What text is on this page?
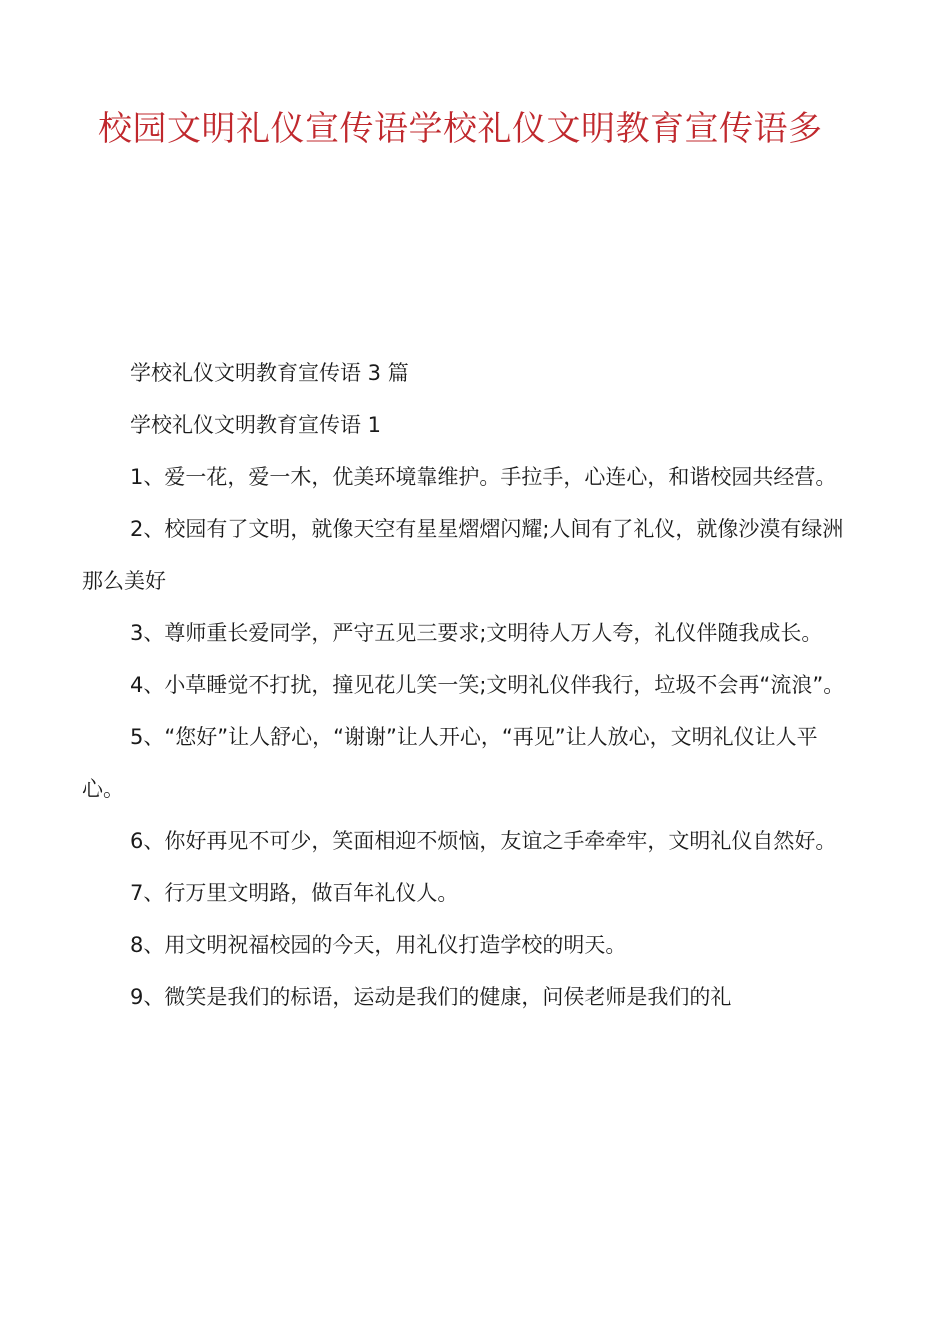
校园文明礼仪宣传语学校礼仪文明教育宣传语多

学校礼仪文明教育宣传语 3 篇

学校礼仪文明教育宣传语 1

1、爱一花，爱一木，优美环境靠维护。手拉手，心连心，和谐校园共经营。

2、校园有了文明，就像天空有星星熠熠闪耀;人间有了礼仪，就像沙漠有绿洲那么美好

3、尊师重长爱同学，严守五见三要求;文明待人万人夸，礼仪伴随我成长。

4、小草睡觉不打扰，撞见花儿笑一笑;文明礼仪伴我行，垃圾不会再“流浪”。

5、“您好”让人舒心，“谢谢”让人开心，“再见”让人放心，文明礼仪让人平心。

6、你好再见不可少，笑面相迎不烦恼，友谊之手牵牵牢，文明礼仪自然好。

7、行万里文明路，做百年礼仪人。

8、用文明祝福校园的今天，用礼仪打造学校的明天。

9、微笑是我们的标语，运动是我们的健康，问侯老师是我们的礼
